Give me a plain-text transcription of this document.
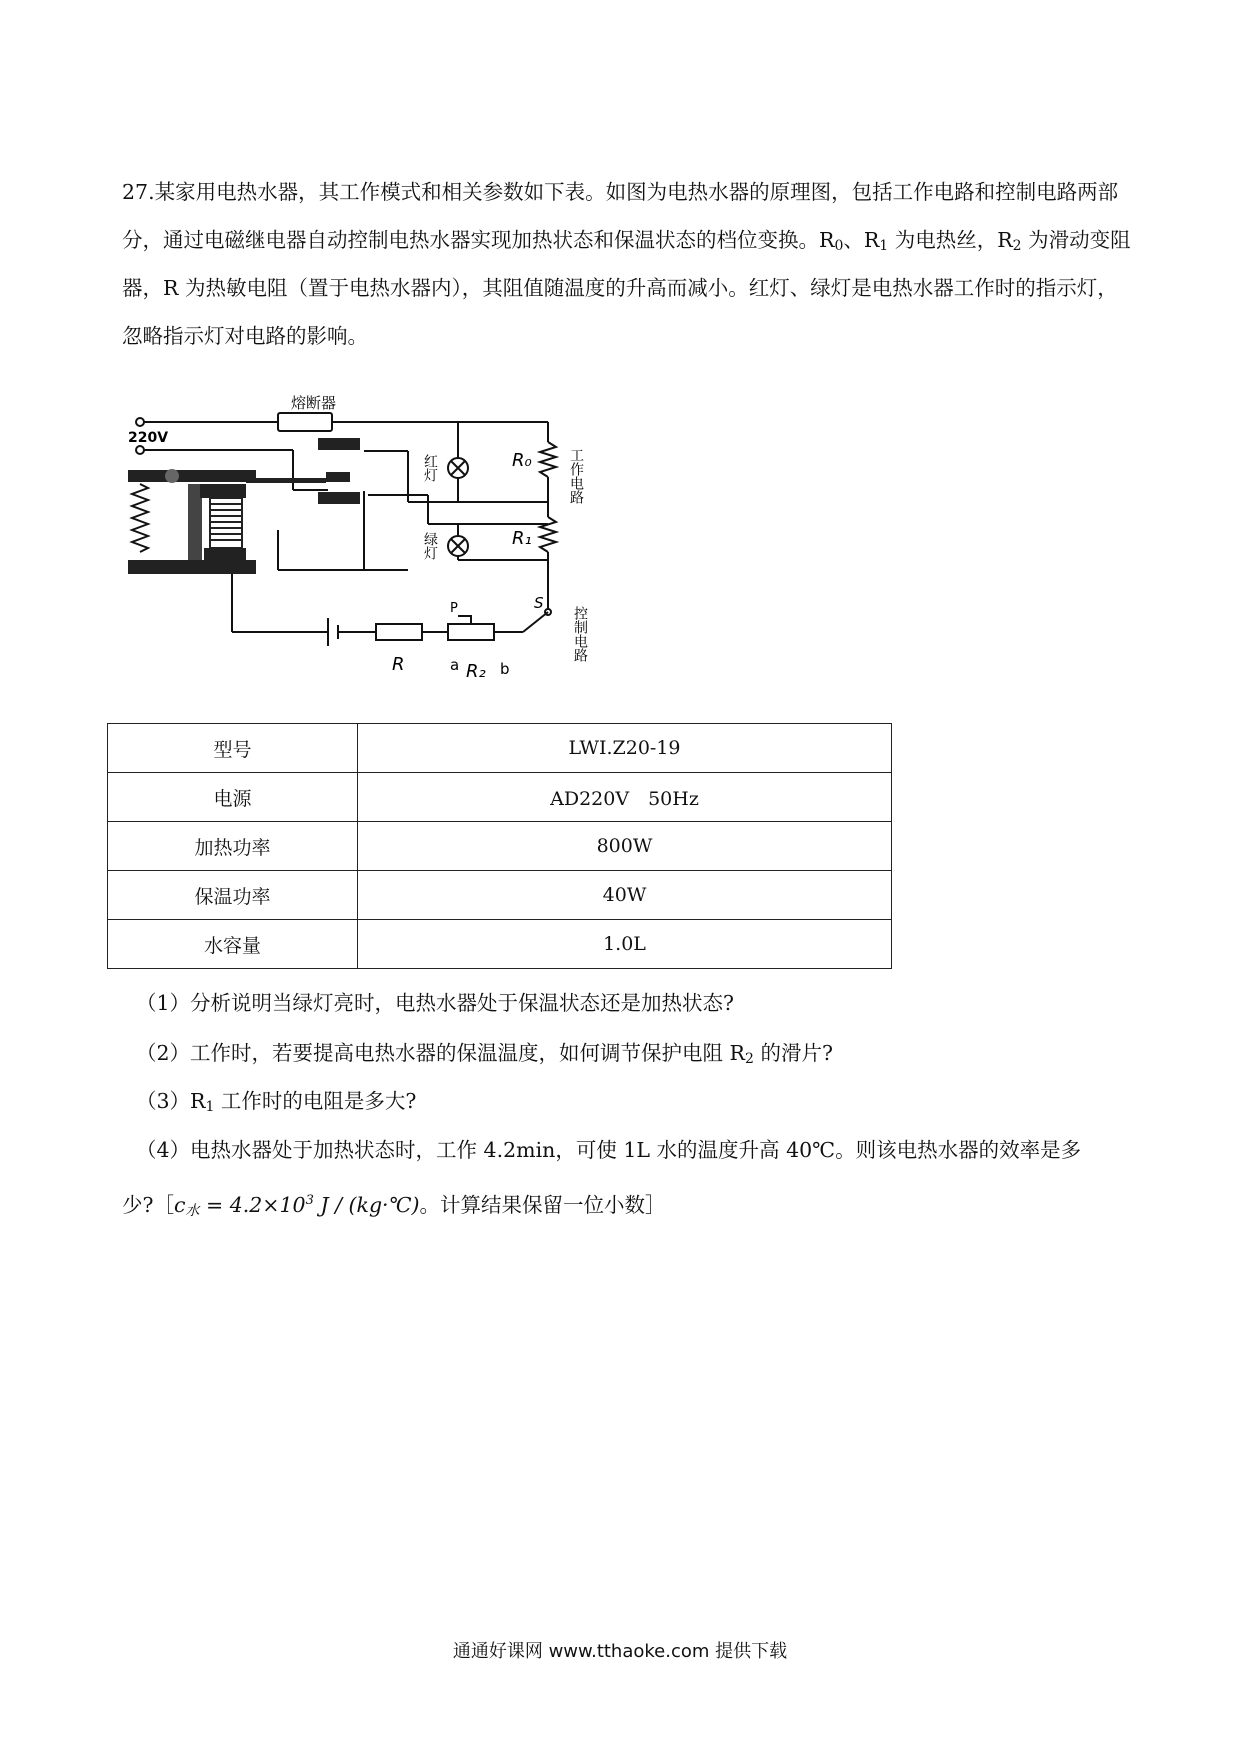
27.某家用电热水器，其工作模式和相关参数如下表。如图为电热水器的原理图，包括工作电路和控制电路两部分，通过电磁继电器自动控制电热水器实现加热状态和保温状态的档位变换。$R_0$、$R_1$ 为电热丝，$R_2$ 为滑动变阻器，R 为热敏电阻（置于电热水器内），其阻值随温度的升高而减小。红灯、绿灯是电热水器工作时的指示灯，忽略指示灯对电路的影响。

熔断器
220V
红灯
绿灯
R₀
R₁
工作电路
控制电路
R	R₂
a	b
P	S
型号	LWI.Z20-19
电源	AD220V　50Hz
加热功率	800W
保温功率	40W
水容量	1.0L

（1）分析说明当绿灯亮时，电热水器处于保温状态还是加热状态?

（2）工作时，若要提高电热水器的保温温度，如何调节保护电阻 $R_2$ 的滑片?

$(3)R_1$ 工作时的电阻是多大?

（4）电热水器处于加热状态时，工作 4.2min，可使 1L 水的温度升高 40℃。则该电热水器的效率是多

少$?[c_水 = 4.2\times 10^3$ J / (kg·℃)。计算结果保留一位小数］

通通好课网 www.tthaoke.com 提供下载
